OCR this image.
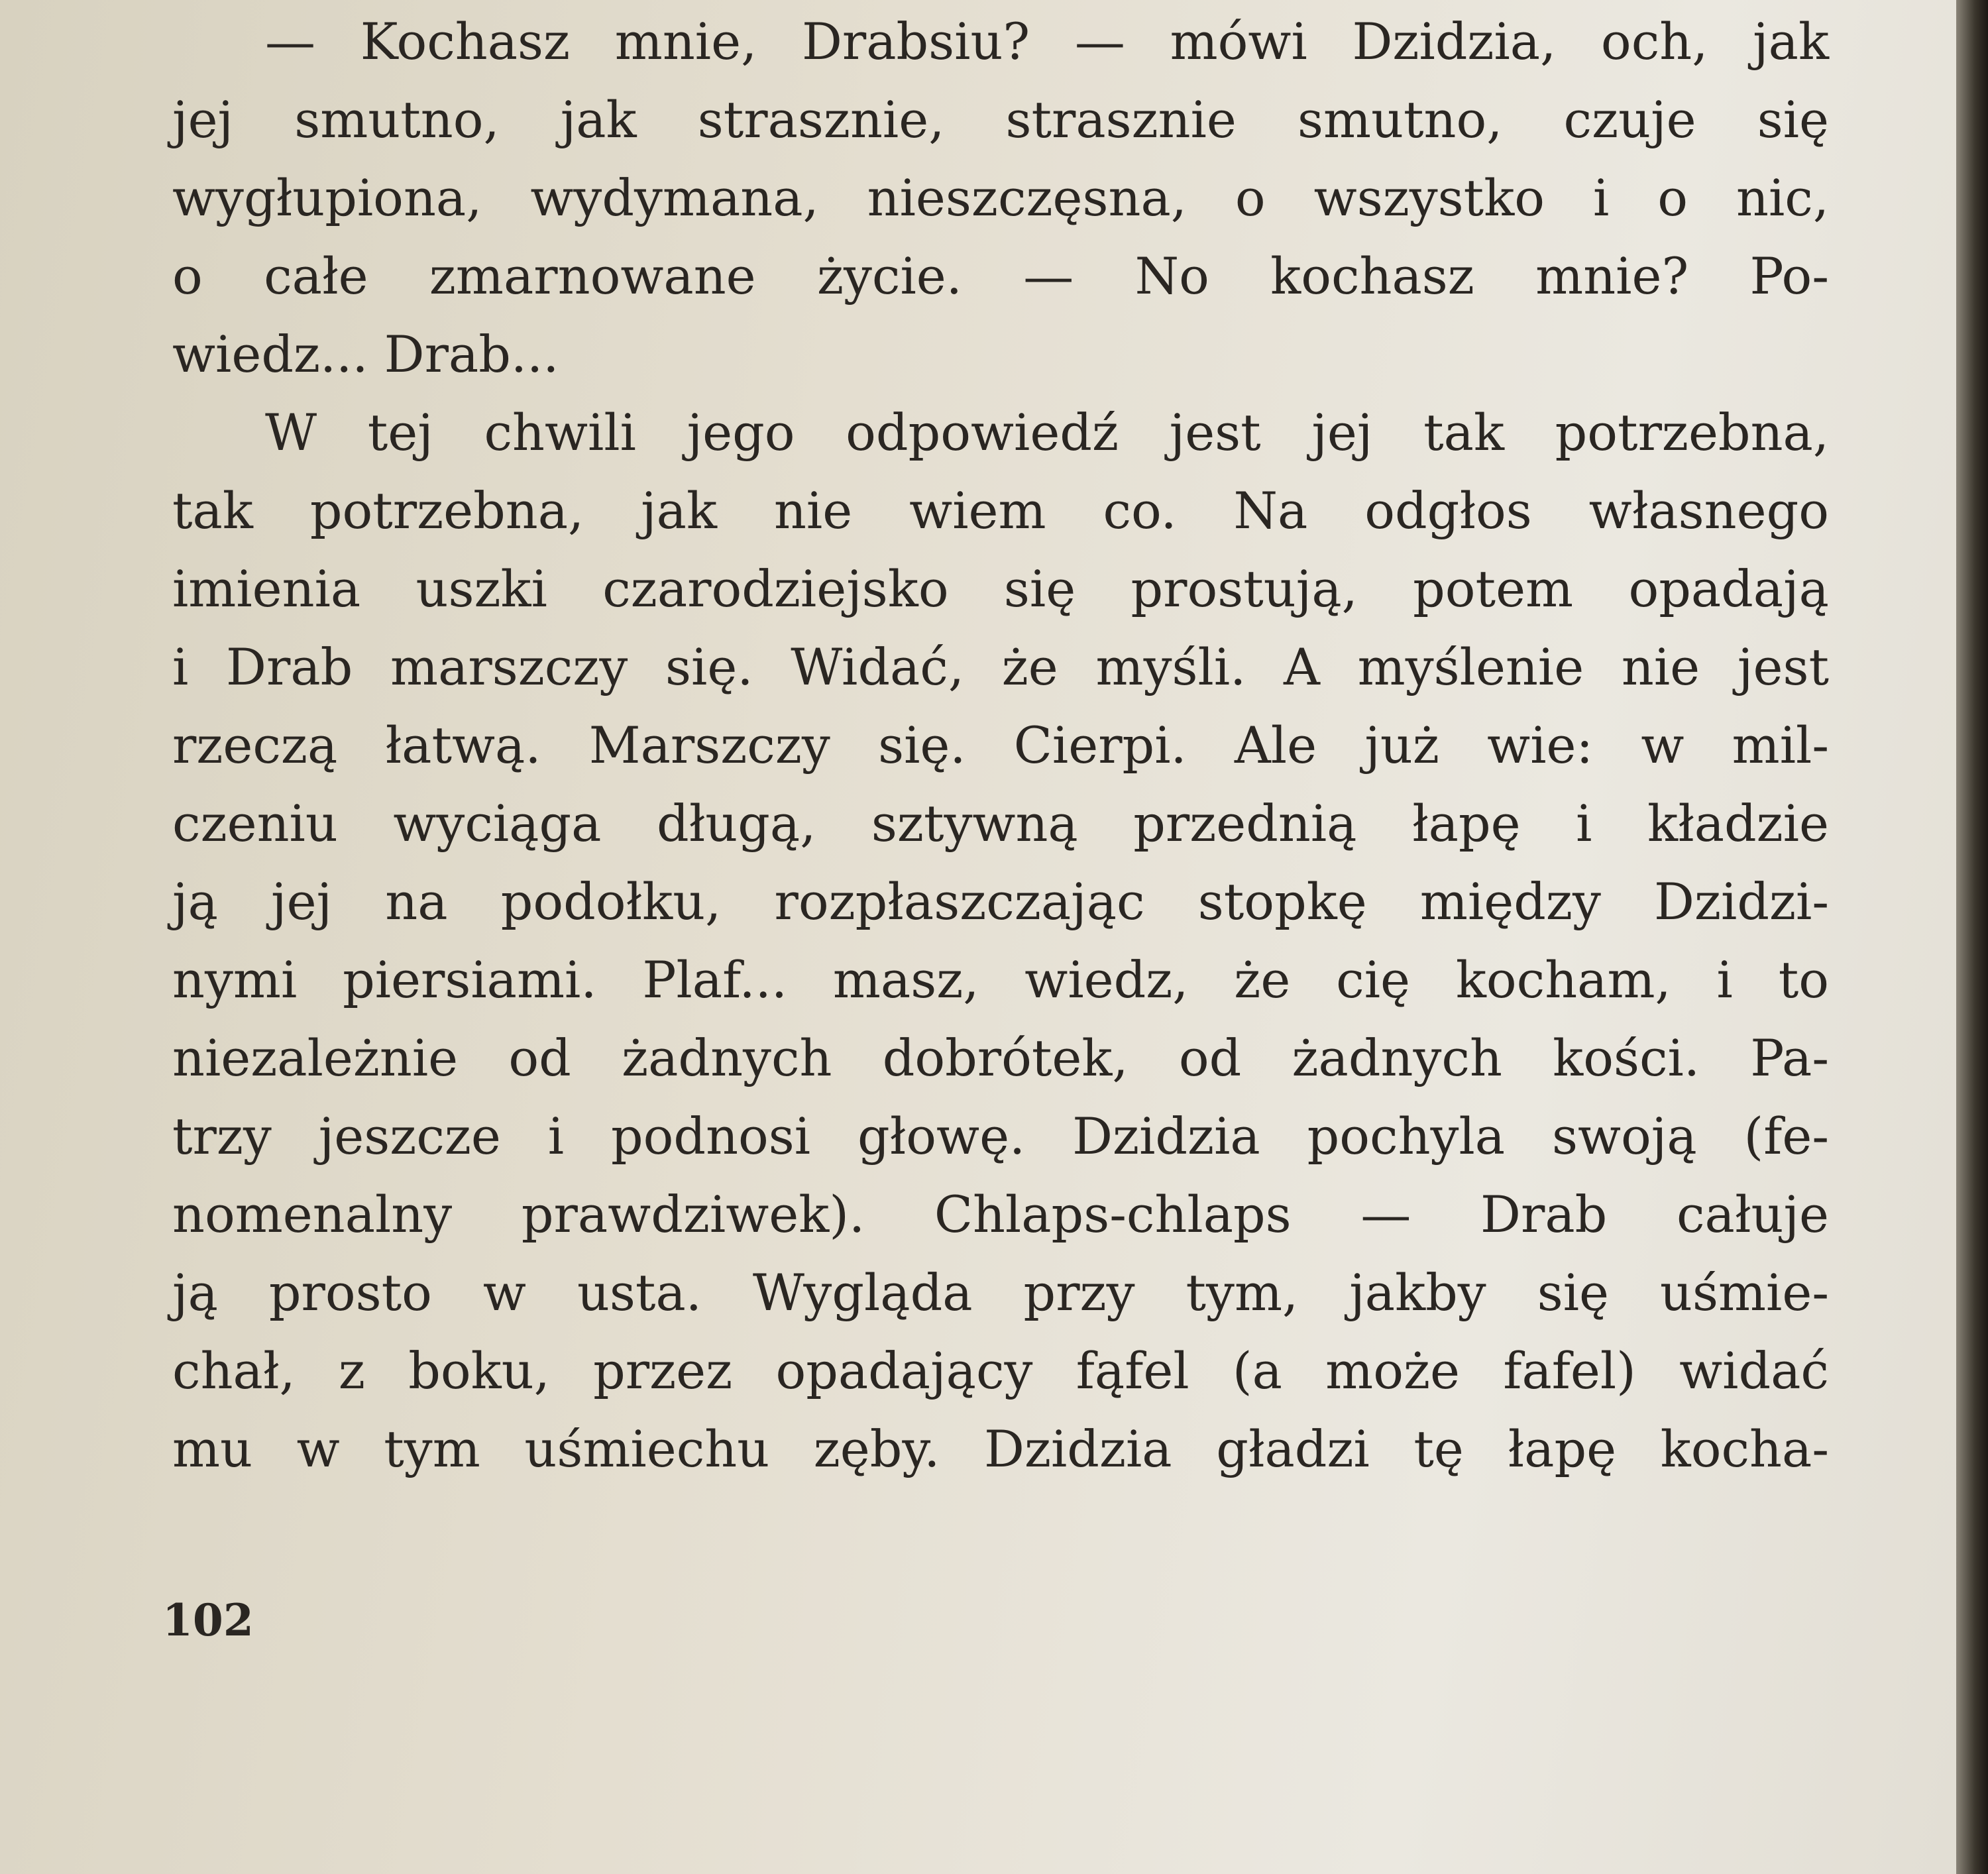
— Kochasz mnie, Drabsiu? — mówi Dzidzia, och, jak
jej smutno, jak strasznie, strasznie smutno, czuje się
wygłupiona, wydymana, nieszczęsna, o wszystko i o nic,
o całe zmarnowane życie. — No kochasz mnie? Po-
wiedz... Drab...
W tej chwili jego odpowiedź jest jej tak potrzebna,
tak potrzebna, jak nie wiem co. Na odgłos własnego
imienia uszki czarodziejsko się prostują, potem opadają
i Drab marszczy się. Widać, że myśli. A myślenie nie jest
rzeczą łatwą. Marszczy się. Cierpi. Ale już wie: w mil-
czeniu wyciąga długą, sztywną przednią łapę i kładzie
ją jej na podołku, rozpłaszczając stopkę między Dzidzi-
nymi piersiami. Plaf... masz, wiedz, że cię kocham, i to
niezależnie od żadnych dobrótek, od żadnych kości. Pa-
trzy jeszcze i podnosi głowę. Dzidzia pochyla swoją (fe-
nomenalny prawdziwek). Chlaps-chlaps — Drab całuje
ją prosto w usta. Wygląda przy tym, jakby się uśmie-
chał, z boku, przez opadający fąfel (a może fafel) widać
mu w tym uśmiechu zęby. Dzidzia gładzi tę łapę kocha-
102
